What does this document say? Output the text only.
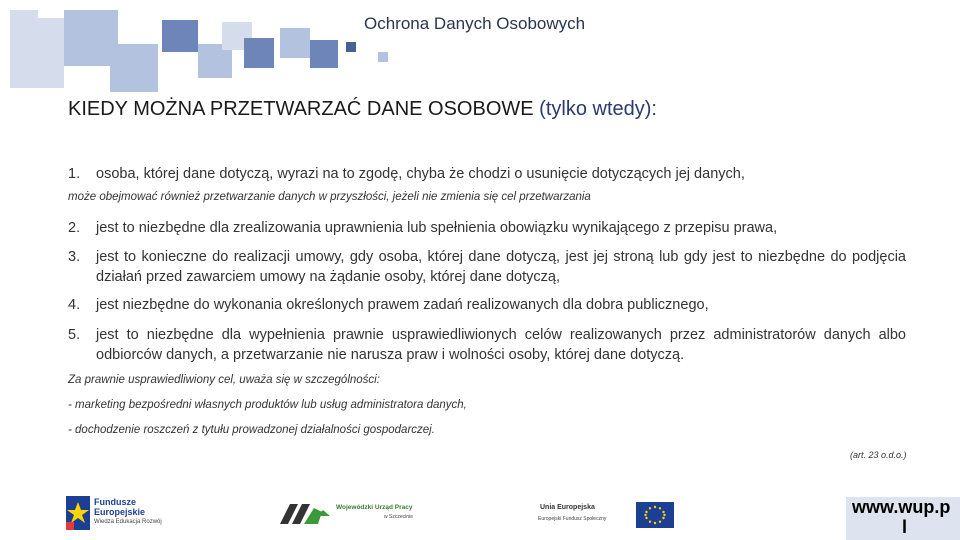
Ochrona Danych Osobowych
KIEDY MOŻNA PRZETWARZAĆ DANE OSOBOWE (tylko wtedy):
1.	osoba, której dane dotyczą, wyrazi na to zgodę, chyba że chodzi o usunięcie dotyczących jej danych,
może obejmować również przetwarzanie danych w przyszłości, jeżeli nie zmienia się cel przetwarzania
2.	jest to niezbędne dla zrealizowania uprawnienia lub spełnienia obowiązku wynikającego z przepisu prawa,
3.	jest to konieczne do realizacji umowy, gdy osoba, której dane dotyczą, jest jej stroną lub gdy jest to niezbędne do podjęcia działań przed zawarciem umowy na żądanie osoby, której dane dotyczą,
4.	jest niezbędne do wykonania określonych prawem zadań realizowanych dla dobra publicznego,
5.	jest to niezbędne dla wypełnienia prawnie usprawiedliwionych celów realizowanych przez administratorów danych albo odbiorców danych, a przetwarzanie nie narusza praw i wolności osoby, której dane dotyczą.
Za prawnie usprawiedliwiony cel, uważa się w szczególności:
- marketing bezpośredni własnych produktów lub usług administratora danych,
- dochodzenie roszczeń z tytułu prowadzonej działalności gospodarczej.
(art. 23 o.d.o.)
Fundusze
Europejskie
Wiedza Edukacja Rozwój
Wojewódzki Urząd Pracy
w Szczecinie
Unia Europejska
Europejski Fundusz Społeczny
www.wup.p
l
